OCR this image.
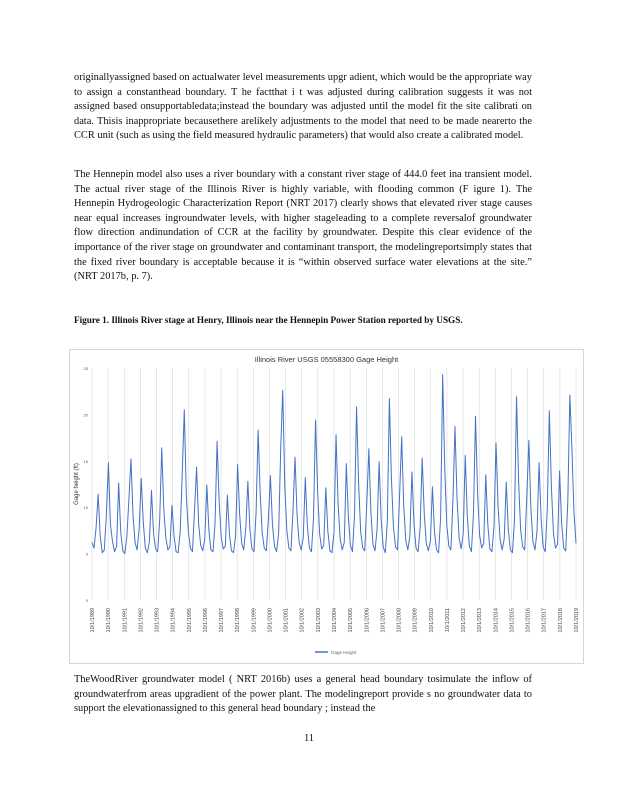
originallyassigned based on actualwater level measurements upgr adient, which would be the appropriate way to assign a constanthead boundary. T he factthat i t was adjusted during calibration suggests it was not assigned based onsupportabledata;instead the boundary was adjusted until the model fit the site calibrati on data. Thisis inappropriate becausethere arelikely adjustments to the model that need to be made nearerto the CCR unit (such as using the field measured hydraulic parameters) that would also create a calibrated model.
The Hennepin model also uses a river boundary with a constant river stage of 444.0 feet ina transient model. The actual river stage of the Illinois River is highly variable, with flooding common (F igure 1). The Hennepin Hydrogeologic Characterization Report (NRT 2017) clearly shows that elevated river stage causes near equal increases ingroundwater levels, with higher stageleading to a complete reversalof groundwater flow direction andinundation of CCR at the facility by groundwater. Despite this clear evidence of the importance of the river stage on groundwater and contaminant transport, the modelingreportsimply states that the fixed river boundary is acceptable because it is “within observed surface water elevations at the site.” (NRT 2017b, p. 7).
Figure 1. Illinois River stage at Henry, Illinois near the Hennepin Power Station reported by USGS.
Illinois River USGS 05558300 Gage Height
Gage height (ft)
25
20
15
10
5
0
10/1/1989 10/1/1990 10/1/1991 10/1/1992 10/1/1993 10/1/1994 10/1/1995 10/1/1996 10/1/1997 10/1/1998 10/1/1999 10/1/2000 10/1/2001 10/1/2002 10/1/2003 10/1/2004 10/1/2005 10/1/2006 10/1/2007 10/1/2008 10/1/2009 10/1/2010 10/1/2011 10/1/2012 10/1/2013 10/1/2014 10/1/2015 10/1/2016 10/1/2017 10/1/2018 10/1/2019
Gage Height
TheWoodRiver groundwater model ( NRT 2016b) uses a general head boundary tosimulate the inflow of groundwaterfrom areas upgradient of the power plant. The modelingreport provide s no groundwater data to support the elevationassigned to this general head boundary ; instead the
11
